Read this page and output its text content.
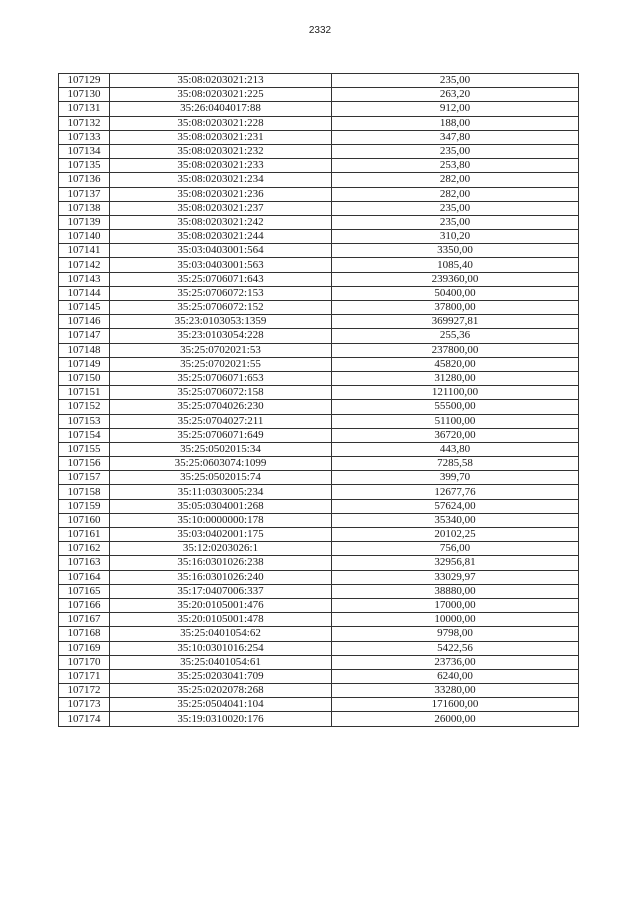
2332
107129	35:08:0203021:213	235,00
107130	35:08:0203021:225	263,20
107131	35:26:0404017:88	912,00
107132	35:08:0203021:228	188,00
107133	35:08:0203021:231	347,80
107134	35:08:0203021:232	235,00
107135	35:08:0203021:233	253,80
107136	35:08:0203021:234	282,00
107137	35:08:0203021:236	282,00
107138	35:08:0203021:237	235,00
107139	35:08:0203021:242	235,00
107140	35:08:0203021:244	310,20
107141	35:03:0403001:564	3350,00
107142	35:03:0403001:563	1085,40
107143	35:25:0706071:643	239360,00
107144	35:25:0706072:153	50400,00
107145	35:25:0706072:152	37800,00
107146	35:23:0103053:1359	369927,81
107147	35:23:0103054:228	255,36
107148	35:25:0702021:53	237800,00
107149	35:25:0702021:55	45820,00
107150	35:25:0706071:653	31280,00
107151	35:25:0706072:158	121100,00
107152	35:25:0704026:230	55500,00
107153	35:25:0704027:211	51100,00
107154	35:25:0706071:649	36720,00
107155	35:25:0502015:34	443,80
107156	35:25:0603074:1099	7285,58
107157	35:25:0502015:74	399,70
107158	35:11:0303005:234	12677,76
107159	35:05:0304001:268	57624,00
107160	35:10:0000000:178	35340,00
107161	35:03:0402001:175	20102,25
107162	35:12:0203026:1	756,00
107163	35:16:0301026:238	32956,81
107164	35:16:0301026:240	33029,97
107165	35:17:0407006:337	38880,00
107166	35:20:0105001:476	17000,00
107167	35:20:0105001:478	10000,00
107168	35:25:0401054:62	9798,00
107169	35:10:0301016:254	5422,56
107170	35:25:0401054:61	23736,00
107171	35:25:0203041:709	6240,00
107172	35:25:0202078:268	33280,00
107173	35:25:0504041:104	171600,00
107174	35:19:0310020:176	26000,00
